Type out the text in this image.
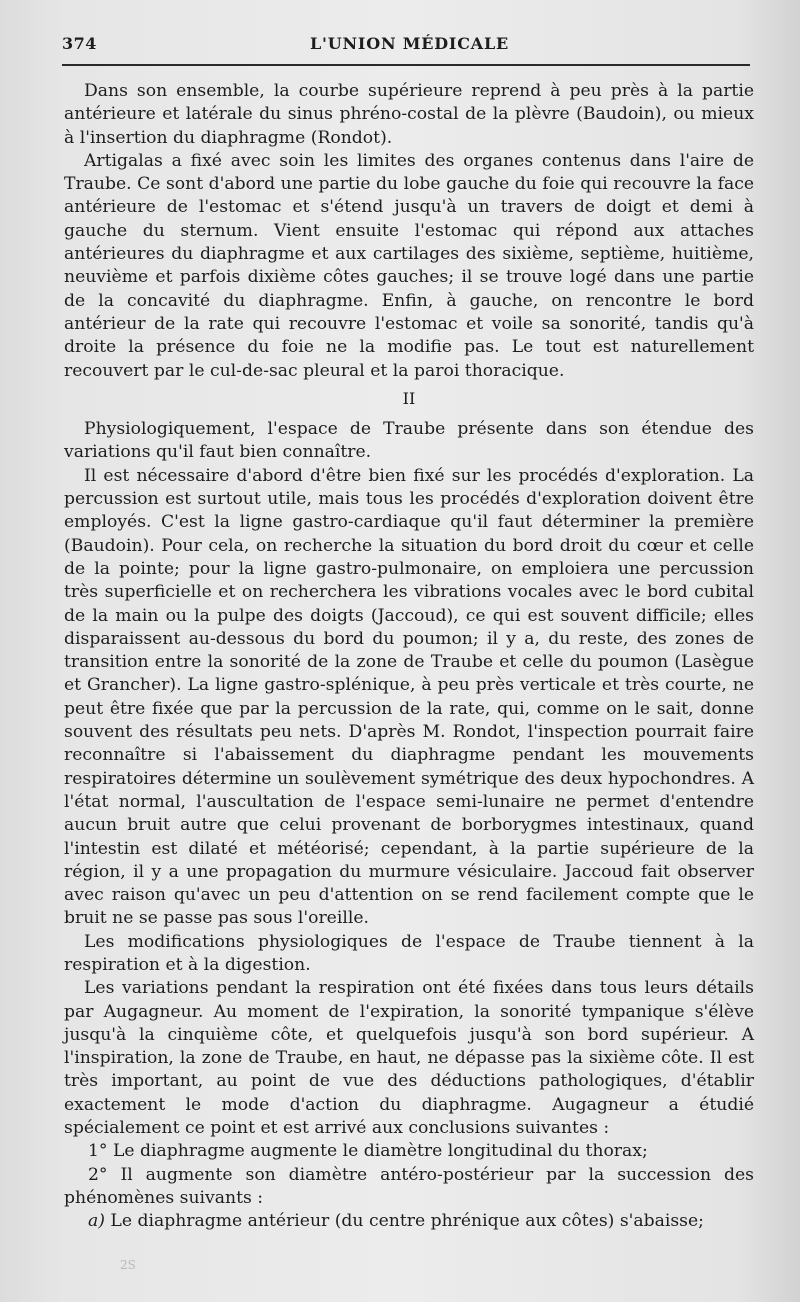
374	L'UNION MÉDICALE

Dans son ensemble, la courbe supérieure reprend à peu près à la partie antérieure et latérale du sinus phréno-costal de la plèvre (Baudoin), ou mieux à l'insertion du diaphragme (Rondot).

Artigalas a fixé avec soin les limites des organes contenus dans l'aire de Traube. Ce sont d'abord une partie du lobe gauche du foie qui recouvre la face antérieure de l'estomac et s'étend jusqu'à un travers de doigt et demi à gauche du sternum. Vient ensuite l'estomac qui répond aux attaches antérieures du diaphragme et aux cartilages des sixième, septième, huitième, neuvième et parfois dixième côtes gauches; il se trouve logé dans une partie de la concavité du diaphragme. Enfin, à gauche, on rencontre le bord antérieur de la rate qui recouvre l'estomac et voile sa sonorité, tandis qu'à droite la présence du foie ne la modifie pas. Le tout est naturellement recouvert par le cul-de-sac pleural et la paroi thoracique.

II

Physiologiquement, l'espace de Traube présente dans son étendue des variations qu'il faut bien connaître.

Il est nécessaire d'abord d'être bien fixé sur les procédés d'exploration. La percussion est surtout utile, mais tous les procédés d'exploration doivent être employés. C'est la ligne gastro-cardiaque qu'il faut déterminer la première (Baudoin). Pour cela, on recherche la situation du bord droit du cœur et celle de la pointe; pour la ligne gastro-pulmonaire, on emploiera une percussion très superficielle et on recherchera les vibrations vocales avec le bord cubital de la main ou la pulpe des doigts (Jaccoud), ce qui est souvent difficile; elles disparaissent au-dessous du bord du poumon; il y a, du reste, des zones de transition entre la sonorité de la zone de Traube et celle du poumon (Lasègue et Grancher). La ligne gastro-splénique, à peu près verticale et très courte, ne peut être fixée que par la percussion de la rate, qui, comme on le sait, donne souvent des résultats peu nets. D'après M. Rondot, l'inspection pourrait faire reconnaître si l'abaissement du diaphragme pendant les mouvements respiratoires détermine un soulèvement symétrique des deux hypochondres. A l'état normal, l'auscultation de l'espace semi-lunaire ne permet d'entendre aucun bruit autre que celui provenant de borborygmes intestinaux, quand l'intestin est dilaté et météorisé; cependant, à la partie supérieure de la région, il y a une propagation du murmure vésiculaire. Jaccoud fait observer avec raison qu'avec un peu d'attention on se rend facilement compte que le bruit ne se passe pas sous l'oreille.

Les modifications physiologiques de l'espace de Traube tiennent à la respiration et à la digestion.

Les variations pendant la respiration ont été fixées dans tous leurs détails par Augagneur. Au moment de l'expiration, la sonorité tympanique s'élève jusqu'à la cinquième côte, et quelquefois jusqu'à son bord supérieur. A l'inspiration, la zone de Traube, en haut, ne dépasse pas la sixième côte. Il est très important, au point de vue des déductions pathologiques, d'établir exactement le mode d'action du diaphragme. Augagneur a étudié spécialement ce point et est arrivé aux conclusions suivantes :

1° Le diaphragme augmente le diamètre longitudinal du thorax;

2° Il augmente son diamètre antéro-postérieur par la succession des phénomènes suivants :

a) Le diaphragme antérieur (du centre phrénique aux côtes) s'abaisse;

2S
